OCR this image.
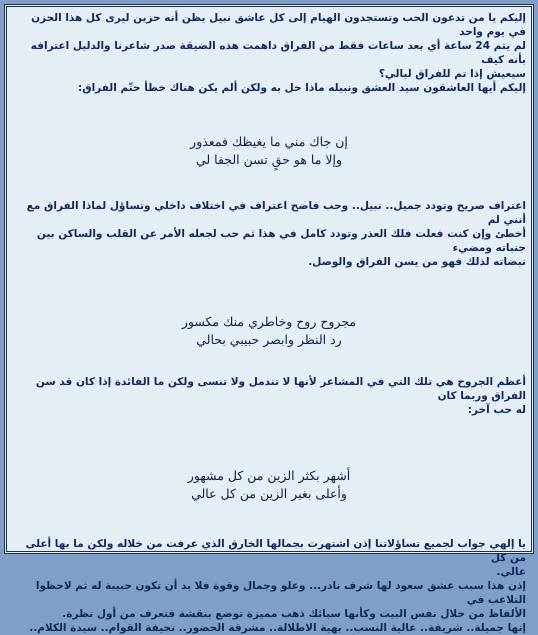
إليكم يا من تدعون الحب وتستجدون الهيام إلى كل عاشق نبيل يظن أنه حزين ليرى كل هذا الحزن في يوم واحد

لم يتم 24 ساعة أي بعد ساعات فقط من الفراق داهمت هذه الضيقة صدر شاعرنا والدليل اعترافه بأنه كيف

سيعيش إذا تم للفراق ليالي؟

إليكم أيها العاشقون سيد العشق ونبيله ماذا حل به ولكن ألم يكن هناك خطأ حتّم الفراق:

إن جاك مني ما يغيظك فمعذور

وإلا ما هو حقٍ تسن الجفا لي

اعتراف صريح وتودد جميل.. نبيل.. وحب فاضح اعتراف في اختلاف داخلي وتساؤل لماذا الفراق مع أنني لم

أخطئ وإن كنت فعلت فلك العذر وتودد كامل في هذا ثم حب لجعله الأمر عن القلب والساكن بين جنباته ومضيء

نبضاته لذلك فهو من يسن الفراق والوصل.

مجروح روح وخاطري منك مكسور

رد النظر وابصر حبيبي بحالي

أعظم الجروح هي تلك التي في المشاعر لأنها لا تندمل ولا تنسى ولكن ما الفائدة إذا كان قد سن الفراق وربما كان

له حب آخر:

أشهر بكثر الزين من كل مشهور

وأعلى بغير الزين من كل عالي

يا إلهي جواب لجميع تساؤلاتنا إذن اشتهرت بجمالها الخارق الذي عرفت من خلاله ولكن ما بها أعلى من كل

عالي.

إذن هذا سبب عشق سعود لها شرف نادر... وعلو وجمال وقوة فلا بد أن تكون حبيبة له ثم لاحظوا التلاعب في

الألفاظ من خلال نفس البيت وكأنها سبائك ذهب مميزة توضع بنقشة فتعرف من أول نظرة.

إنها جميلة.. شريفة.. عالية النسب.. بهية الاطلالة.. مشرقة الحضور.. نحيفة القوام.. سيدة الكلام..
